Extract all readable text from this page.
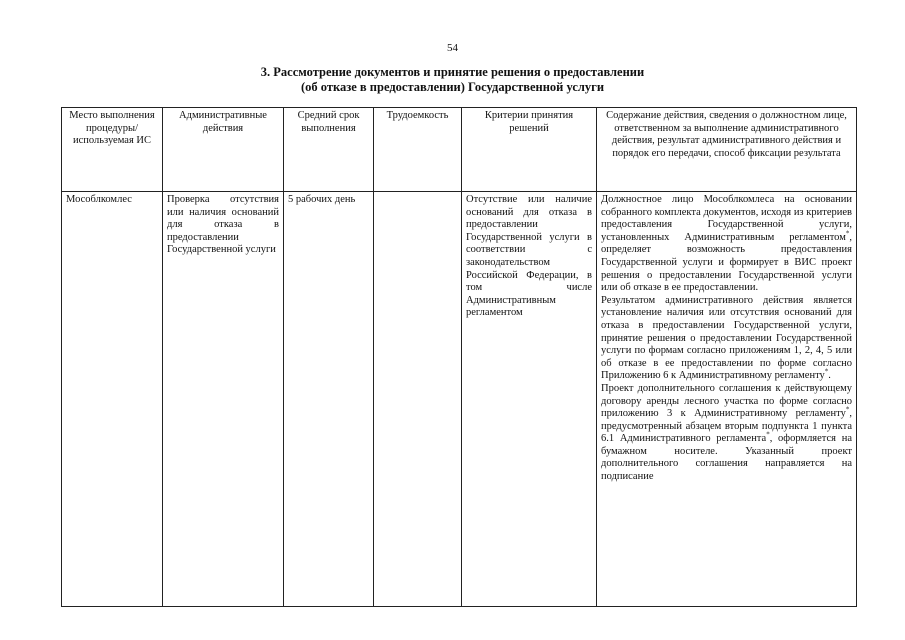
54
3. Рассмотрение документов и принятие решения о предоставлении
(об отказе в предоставлении) Государственной услуги
Место выполнения процедуры/ используемая ИС	Административные действия	Средний срок выполнения	Трудоемкость	Критерии принятия решений	Содержание действия, сведения о должностном лице, ответственном за выполнение административного действия, результат административного действия и порядок его передачи, способ фиксации результата
Мособлкомлес	Проверка отсутствия или наличия оснований для отказа в предоставлении Государственной услуги	5 рабочих день		Отсутствие или наличие оснований для отказа в предоставлении Государственной услуги в соответствии с законодательством Российской Федерации, в том числе Административным регламентом	Должностное лицо Мособлкомлеса на основании собранного комплекта документов, исходя из критериев предоставления Государственной услуги, установленных Административным регламентом*, определяет возможность предоставления Государственной услуги и формирует в ВИС проект решения о предоставлении Государственной услуги или об отказе в ее предоставлении.
Результатом административного действия является установление наличия или отсутствия оснований для отказа в предоставлении Государственной услуги, принятие решения о предоставлении Государственной услуги по формам согласно приложениям 1, 2, 4, 5 или об отказе в ее предоставлении по форме согласно Приложению 6 к Административному регламенту*.
Проект дополнительного соглашения к действующему договору аренды лесного участка по форме согласно приложению 3 к Административному регламенту*, предусмотренный абзацем вторым подпункта 1 пункта 6.1 Административного регламента*, оформляется на бумажном носителе. Указанный проект дополнительного соглашения направляется на подписание
